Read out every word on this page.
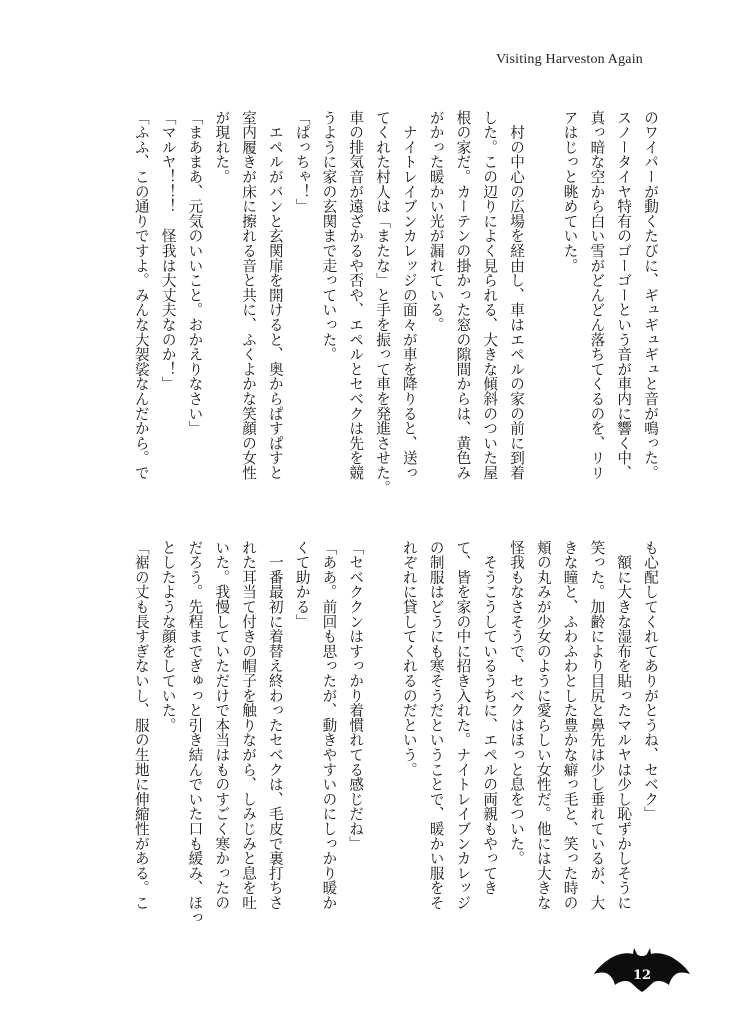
Visiting Harveston Again
のワイパーが動くたびに、ギュギュギュと音が鳴った。
スノータイヤ特有のゴーゴーという音が車内に響く中、
真っ暗な空から白い雪がどんどん落ちてくるのを、リリ
アはじっと眺めていた。
　村の中心の広場を経由し、車はエペルの家の前に到着
した。この辺りによく見られる、大きな傾斜のついた屋
根の家だ。カーテンの掛かった窓の隙間からは、黄色み
がかった暖かい光が漏れている。
　ナイトレイブンカレッジの面々が車を降りると、送っ
てくれた村人は「またな」と手を振って車を発進させた。
車の排気音が遠ざかるや否や、エペルとセベクは先を競
うように家の玄関まで走っていった。
「ぱっちゃ！」
　エペルがバンと玄関扉を開けると、奥からぱすぱすと
室内履きが床に擦れる音と共に、ふくよかな笑顔の女性
が現れた。
「まあまあ、元気のいいこと。おかえりなさい」
「マルヤ！！！　怪我は大丈夫なのか！」
「ふふ、この通りですよ。みんな大袈裟なんだから。で
も心配してくれてありがとうね、セベク」
　額に大きな湿布を貼ったマルヤは少し恥ずかしそうに
笑った。加齢により目尻と鼻先は少し垂れているが、大
きな瞳と、ふわふわとした豊かな癖っ毛と、笑った時の
頬の丸みが少女のように愛らしい女性だ。他には大きな
怪我もなさそうで、セベクはほっと息をついた。
　そうこうしているうちに、エペルの両親もやってき
て、皆を家の中に招き入れた。ナイトレイブンカレッジ
の制服はどうにも寒そうだということで、暖かい服をそ
れぞれに貸してくれるのだという。
「セベククンはすっかり着慣れてる感じだね」
「ああ。前回も思ったが、動きやすいのにしっかり暖か
くて助かる」
　一番最初に着替え終わったセベクは、毛皮で裏打ちさ
れた耳当て付きの帽子を触りながら、しみじみと息を吐
いた。我慢していただけで本当はものすごく寒かったの
だろう。先程までぎゅっと引き結んでいた口も緩み、ほっ
としたような顔をしていた。
「裾の丈も長すぎないし、服の生地に伸縮性がある。こ
12
